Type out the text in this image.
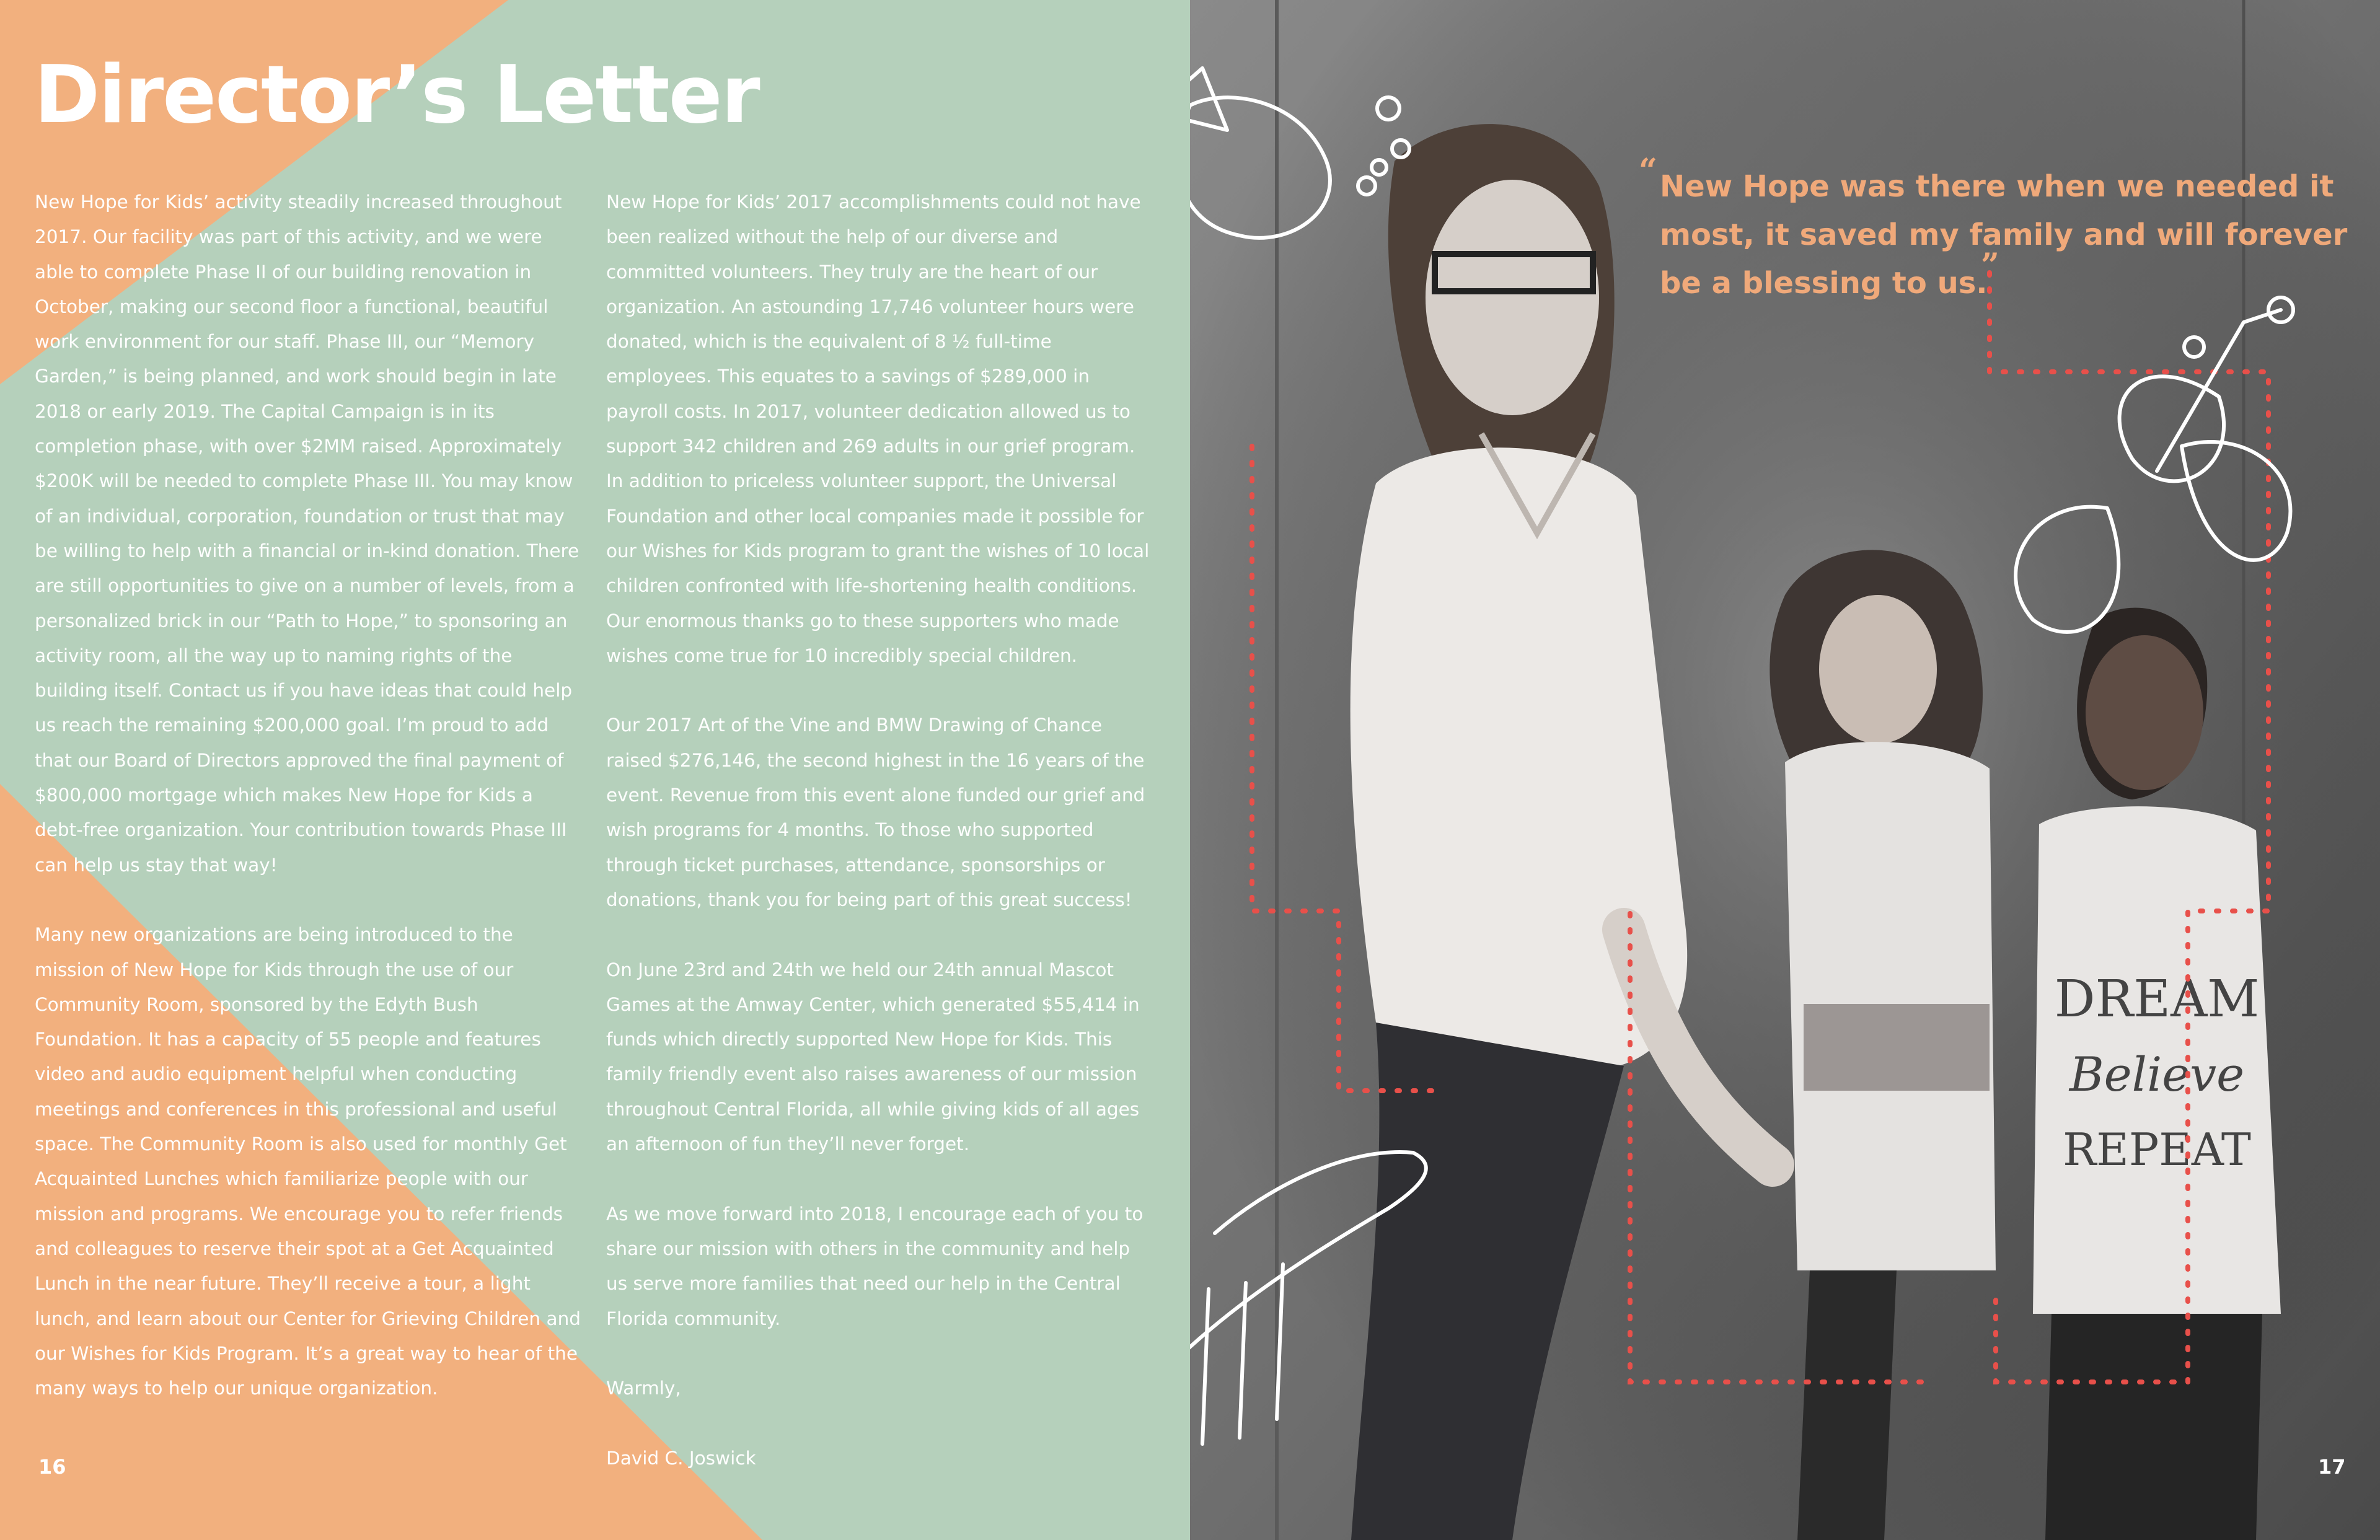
Director’s Letter

New Hope for Kids’ activity steadily increased throughout 2017. Our facility was part of this activity, and we were able to complete Phase II of our building renovation in October, making our second floor a functional, beautiful work environment for our staff. Phase III, our “Memory Garden,” is being planned, and work should begin in late 2018 or early 2019. The Capital Campaign is in its completion phase, with over $2MM raised. Approximately $200K will be needed to complete Phase III. You may know of an individual, corporation, foundation or trust that may be willing to help with a financial or in-kind donation. There are still opportunities to give on a number of levels, from a personalized brick in our “Path to Hope,” to sponsoring an activity room, all the way up to naming rights of the building itself. Contact us if you have ideas that could help us reach the remaining $200,000 goal. I’m proud to add that our Board of Directors approved the final payment of $800,000 mortgage which makes New Hope for Kids a debt-free organization. Your contribution towards Phase III can help us stay that way!

Many new organizations are being introduced to the mission of New Hope for Kids through the use of our Community Room, sponsored by the Edyth Bush Foundation. It has a capacity of 55 people and features video and audio equipment helpful when conducting meetings and conferences in this professional and useful space. The Community Room is also used for monthly Get Acquainted Lunches which familiarize people with our mission and programs. We encourage you to refer friends and colleagues to reserve their spot at a Get Acquainted Lunch in the near future. They’ll receive a tour, a light lunch, and learn about our Center for Grieving Children and our Wishes for Kids Program. It’s a great way to hear of the many ways to help our unique organization.

New Hope for Kids’ 2017 accomplishments could not have been realized without the help of our diverse and committed volunteers. They truly are the heart of our organization. An astounding 17,746 volunteer hours were donated, which is the equivalent of 8 ½ full-time employees. This equates to a savings of $289,000 in payroll costs. In 2017, volunteer dedication allowed us to support 342 children and 269 adults in our grief program. In addition to priceless volunteer support, the Universal Foundation and other local companies made it possible for our Wishes for Kids program to grant the wishes of 10 local children confronted with life-shortening health conditions. Our enormous thanks go to these supporters who made wishes come true for 10 incredibly special children.

Our 2017 Art of the Vine and BMW Drawing of Chance raised $276,146, the second highest in the 16 years of the event. Revenue from this event alone funded our grief and wish programs for 4 months. To those who supported through ticket purchases, attendance, sponsorships or donations, thank you for being part of this great success!

On June 23rd and 24th we held our 24th annual Mascot Games at the Amway Center, which generated $55,414 in funds which directly supported New Hope for Kids. This family friendly event also raises awareness of our mission throughout Central Florida, all while giving kids of all ages an afternoon of fun they’ll never forget.

As we move forward into 2018, I encourage each of you to share our mission with others in the community and help us serve more families that need our help in the Central Florida community.

Warmly,

David C. Joswick

16
DREAM
Believe
REPEAT
“ New Hope was there when we needed it most, it saved my family and will forever be a blessing to us.
”
17
